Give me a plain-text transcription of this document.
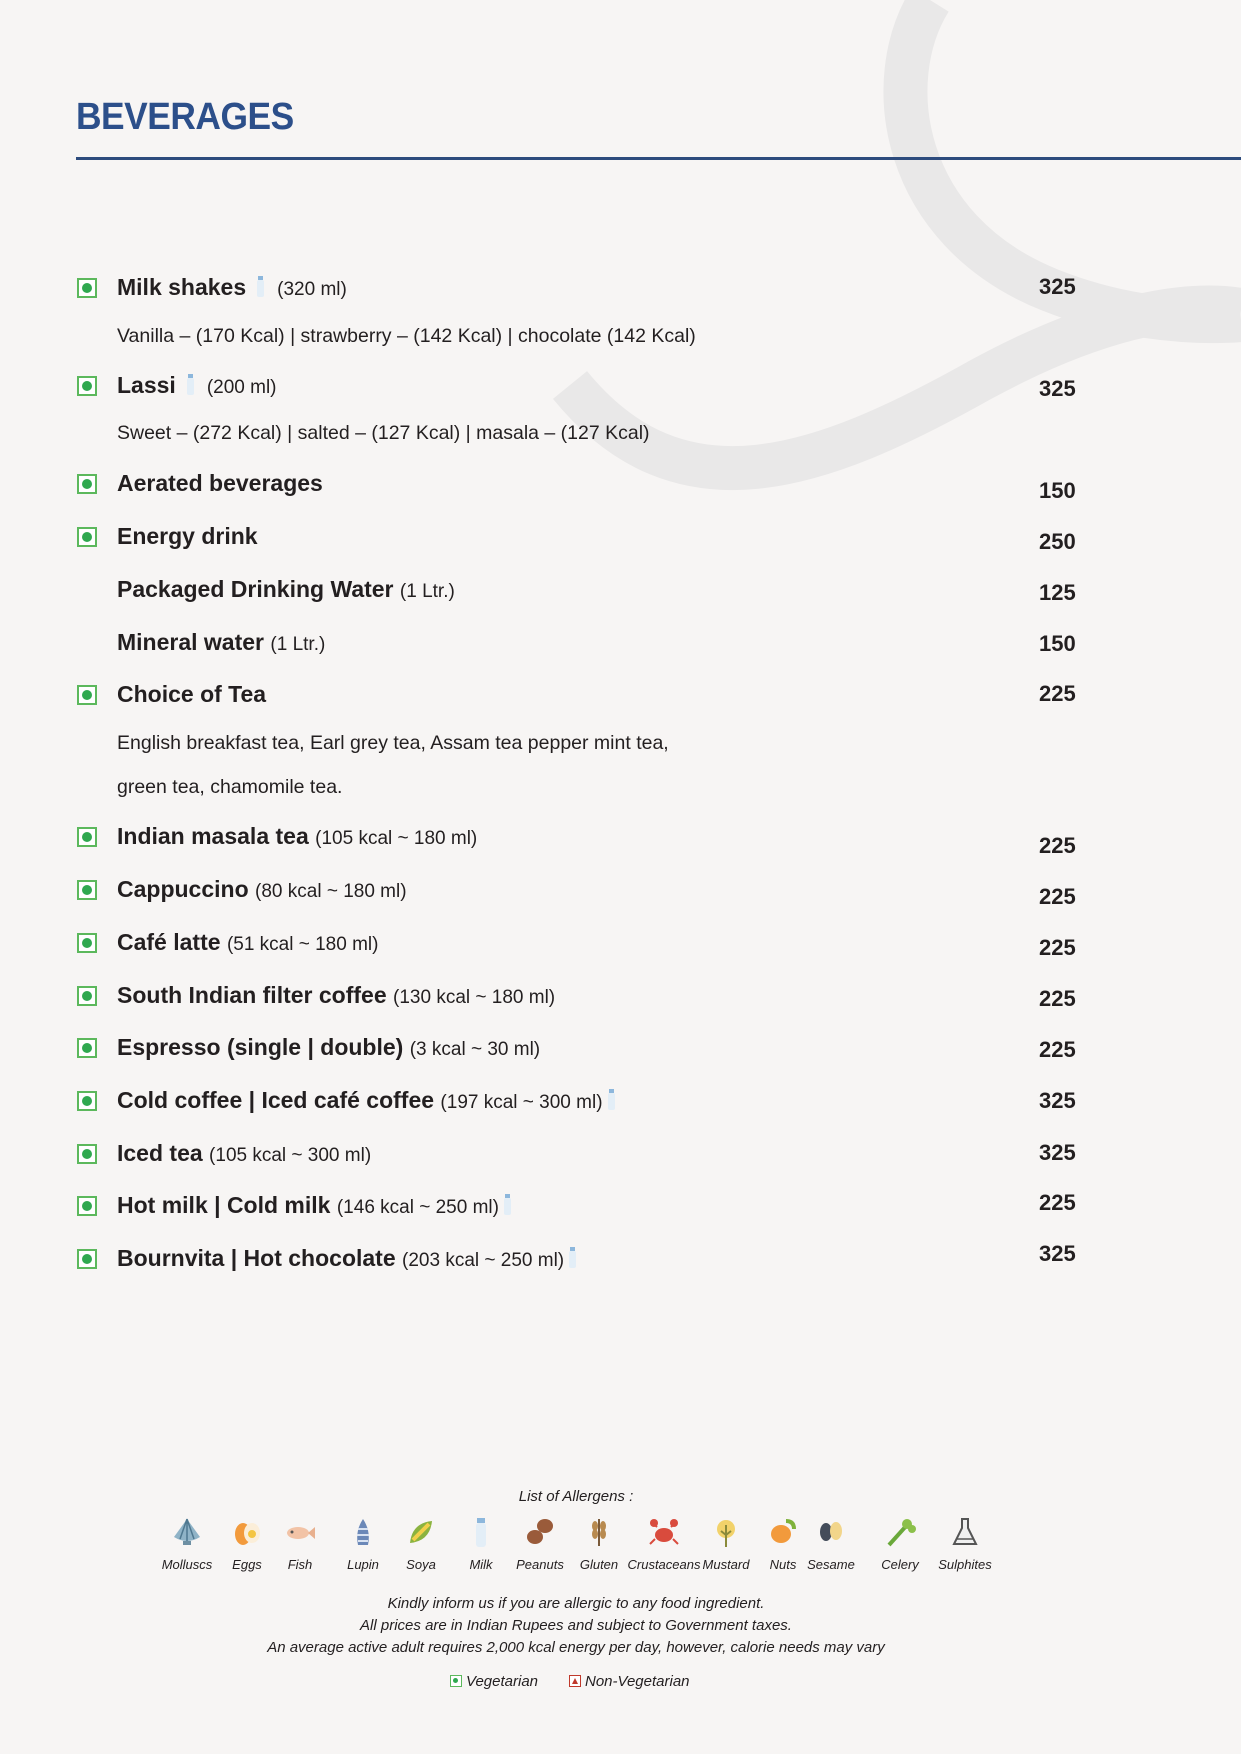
BEVERAGES
Milk shakes (320 ml)	325
Vanilla – (170 Kcal) | strawberry – (142 Kcal) | chocolate (142 Kcal)
Lassi (200 ml)	325
Sweet – (272 Kcal) | salted – (127 Kcal) | masala – (127 Kcal)
Aerated beverages	150
Energy drink	250
Packaged Drinking Water (1 Ltr.)	125
Mineral water (1 Ltr.)	150
Choice of Tea	225
English breakfast tea, Earl grey tea, Assam tea pepper mint tea,
green tea, chamomile tea.
Indian masala tea (105 kcal ~ 180 ml)	225
Cappuccino (80 kcal ~ 180 ml)	225
Café latte (51 kcal ~ 180 ml)	225
South Indian filter coffee (130 kcal ~ 180 ml)	225
Espresso (single | double) (3 kcal ~ 30 ml)	225
Cold coffee | Iced café coffee (197 kcal ~ 300 ml)	325
Iced tea (105 kcal ~ 300 ml)	325
Hot milk | Cold milk (146 kcal ~ 250 ml)	225
Bournvita | Hot chocolate (203 kcal ~ 250 ml)	325
List of Allergens :
Molluscs	Eggs	Fish	Lupin	Soya	Milk	Peanuts	Gluten Crustaceans Mustard	Nuts Sesame	Celery	Sulphites
Kindly inform us if you are allergic to any food ingredient.
All prices are in Indian Rupees and subject to Government taxes.
An average active adult requires 2,000 kcal energy per day, however, calorie needs may vary
Vegetarian	Non-Vegetarian
